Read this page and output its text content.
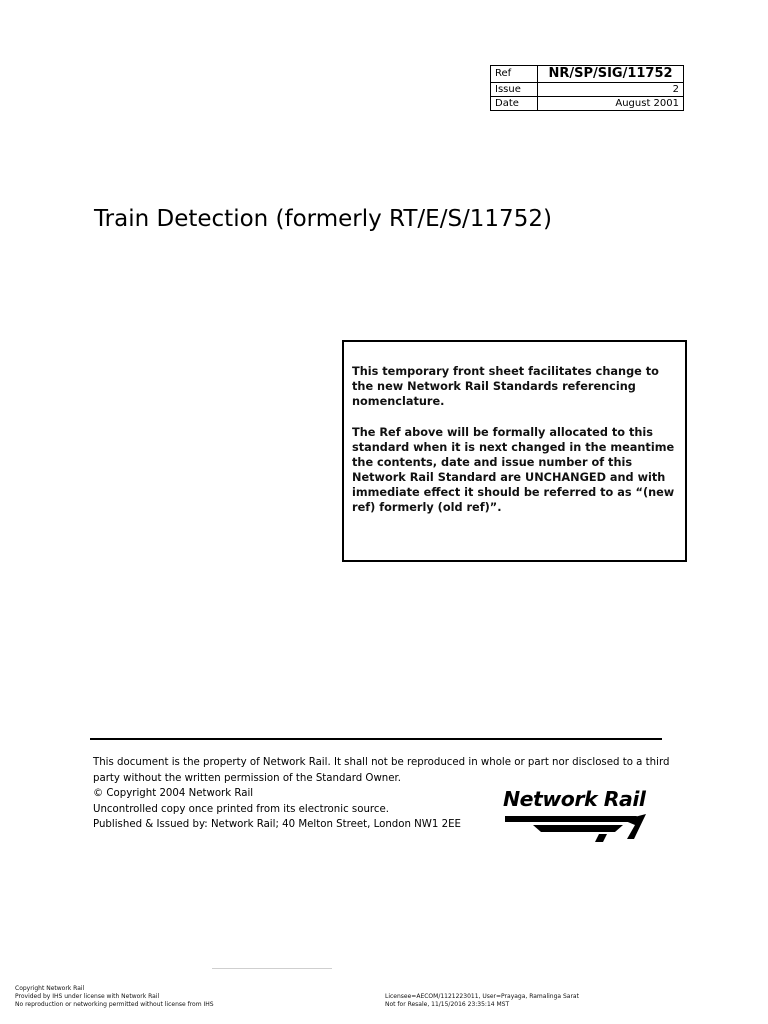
Ref	NR/SP/SIG/11752
Issue	2
Date	August 2001
Train Detection (formerly RT/E/S/11752)

This temporary front sheet facilitates change to the new Network Rail Standards referencing nomenclature.

The Ref above will be formally allocated to this standard when it is next changed in the meantime the contents, date and issue number of this Network Rail Standard are UNCHANGED and with immediate effect it should be referred to as “(new ref) formerly (old ref)”.

This document is the property of Network Rail. It shall not be reproduced in whole or part nor disclosed to a third
party without the written permission of the Standard Owner.
© Copyright 2004 Network Rail
Uncontrolled copy once printed from its electronic source.
Published & Issued by: Network Rail; 40 Melton Street, London NW1 2EE
Network Rail
Copyright Network Rail
Provided by IHS under license with Network Rail
No reproduction or networking permitted without license from IHS
Licensee=AECOM/1121223011, User=Prayaga, Ramalinga Sarat
Not for Resale, 11/15/2016 23:35:14 MST
